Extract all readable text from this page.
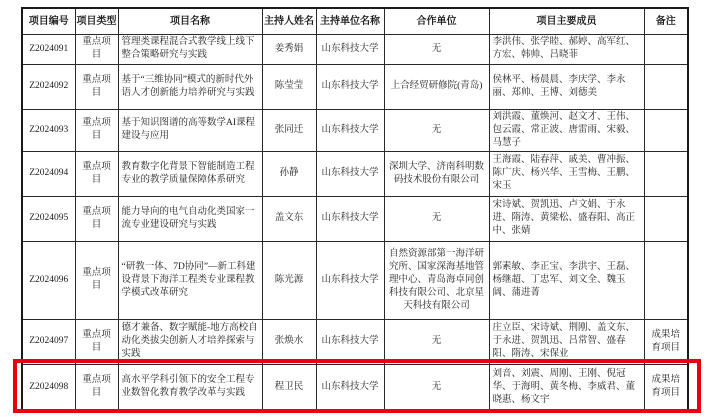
项目编号	项目类型	项目名称	主持人姓名	主持单位名称	合作单位	项目主要成员	备注
Z2024091	重点项目	管理类课程混合式教学线上线下整合策略研究与实践	姜秀娟	山东科技大学	无	李洪伟、张学睦、郝婷、高军红、方宏、韩帅、吕晓菲	
Z2024092	重点项目	基于“三维协同”模式的新时代外语人才创新能力培养研究与实践	陈莹莹	山东科技大学	上合经贸研修院(青岛)	侯林平、杨晨晨、李庆学、李永丽、郑帅、王博、刘德美	
Z2024093	重点项目	基于知识图谱的高等数学AI课程建设与应用	张同迁	山东科技大学	无	刘洪霞、董焕河、赵文才、王伟、包云霞、常正波、唐雷雨、宋毅、马慧子	
Z2024094	重点项目	教育数字化背景下智能制造工程专业的教学质量保障体系研究	孙静	山东科技大学	深圳大学、济南科明数码技术股份有限公司	王海霞、陆春萍、戚美、曹冲振、陈广庆、杨兴华、王雪梅、王鹏、宋玉	
Z2024095	重点项目	能力导向的电气自动化类国家一流专业建设研究与实践	盖文东	山东科技大学	无	宋诗斌、贺凯迅、卢文娟、于永进、隋涛、黄梁松、盛春阳、高正中、张婧	
Z2024096	重点项目	“研教一体、7D协同”—新工科建设背景下海洋工程类专业课程教学模式改革研究	陈光源	山东科技大学	自然资源部第一海洋研究所、国家深海基地管理中心、青岛海卓同创科技有限公司、北京星天科技有限公司	郭素敏、李正宝、李洪宇、王磊、杨继超、丁忠军、刘文全、魏玉阔、蒲进菁	
Z2024097	重点项目	德才兼备、数字赋能-地方高校自动化类拔尖创新人才培养探索与实践	张焕水	山东科技大学	无	庄立臣、宋诗斌、荆刚、盖文东、于永进、贺凯迅、吕常智、盛春阳、隋涛、宋保业	成果培育项目
Z2024098	重点项目	高水平学科引领下的安全工程专业数智化教育教学改革与实践	程卫民	山东科技大学	无	刘音、刘震、周刚、王刚、倪冠华、于海明、黄冬梅、李威君、董晓惠、杨文宇	成果培育项目
